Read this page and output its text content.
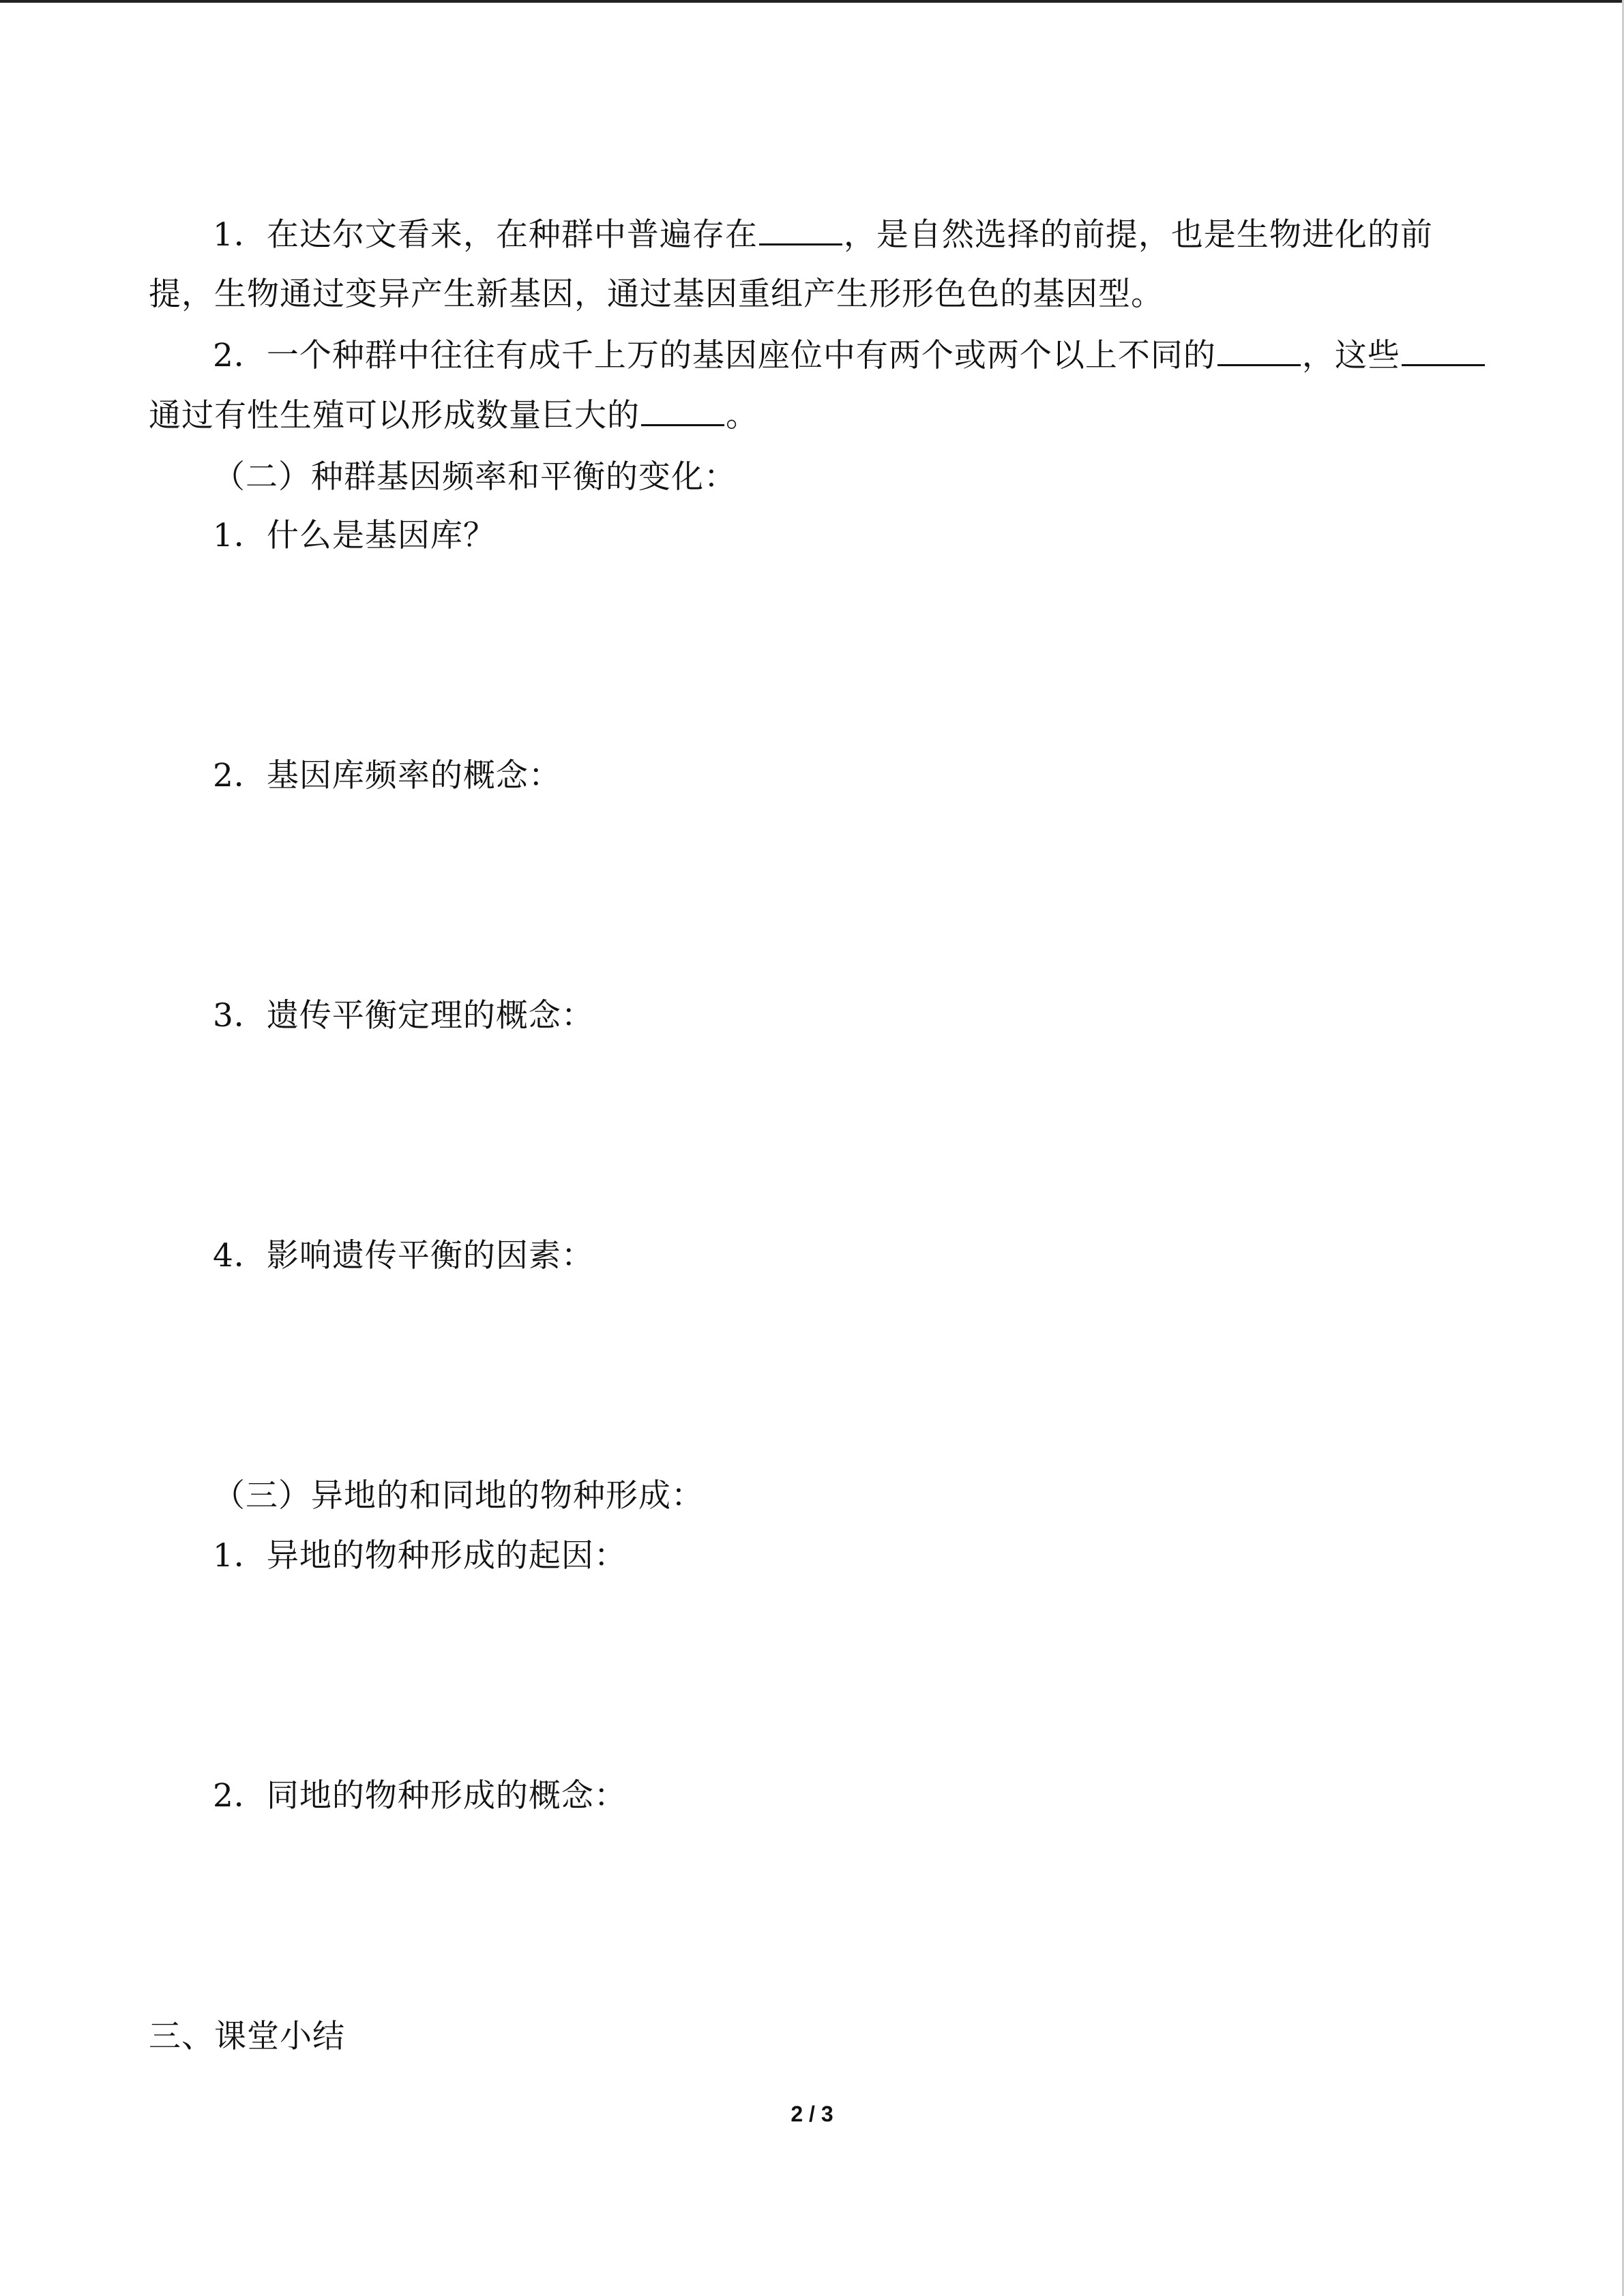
1．在达尔文看来，在种群中普遍存在	，是自然选择的前提，也是生物进化的前
提，生物通过变异产生新基因，通过基因重组产生形形色色的基因型。
2．一个种群中往往有成千上万的基因座位中有两个或两个以上不同的	，这些
通过有性生殖可以形成数量巨大的	。
（二）种群基因频率和平衡的变化：
1．什么是基因库？
2．基因库频率的概念：
3．遗传平衡定理的概念：
4．影响遗传平衡的因素：
（三）异地的和同地的物种形成：
1．异地的物种形成的起因：
2．同地的物种形成的概念：
三、课堂小结
2 / 3
